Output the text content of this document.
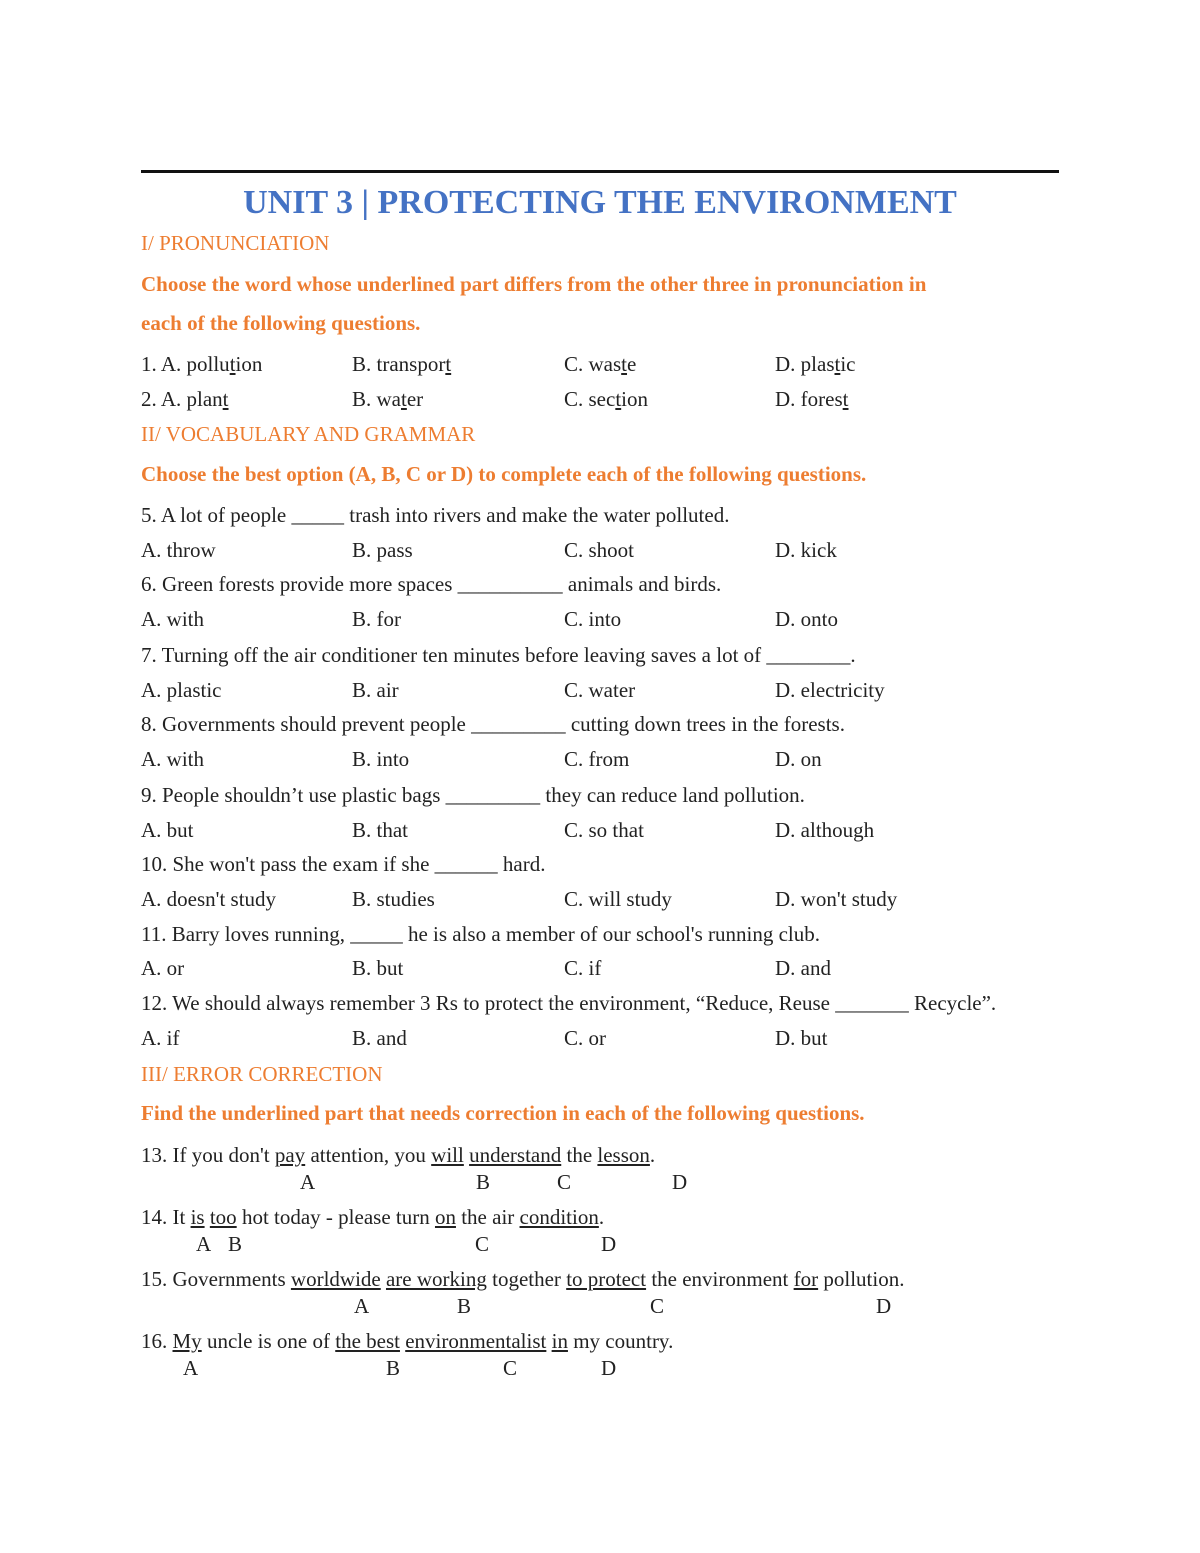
UNIT 3 | PROTECTING THE ENVIRONMENT
I/ PRONUNCIATION
Choose the word whose underlined part differs from the other three in pronunciation in
each of the following questions.
1. A. pollution	B. transport	C. waste	D. plastic
2. A. plant	B. water	C. section	D. forest
II/ VOCABULARY AND GRAMMAR
Choose the best option (A, B, C or D) to complete each of the following questions.
5. A lot of people _____ trash into rivers and make the water polluted.
A. throw	B. pass	C. shoot	D. kick
6. Green forests provide more spaces __________ animals and birds.
A. with	B. for	C. into	D. onto
7. Turning off the air conditioner ten minutes before leaving saves a lot of ________.
A. plastic	B. air	C. water	D. electricity
8. Governments should prevent people _________ cutting down trees in the forests.
A. with	B. into	C. from	D. on
9. People shouldn’t use plastic bags _________ they can reduce land pollution.
A. but	B. that	C. so that	D. although
10. She won't pass the exam if she ______ hard.
A. doesn't study	B. studies	C. will study	D. won't study
11. Barry loves running, _____ he is also a member of our school's running club.
A. or	B. but	C. if	D. and
12. We should always remember 3 Rs to protect the environment, “Reduce, Reuse _______ Recycle”.
A. if	B. and	C. or	D. but
III/ ERROR CORRECTION
Find the underlined part that needs correction in each of the following questions.
13. If you don't pay attention, you will understand the lesson.
A	B	C	D
14. It is too hot today - please turn on the air condition.
A B	C	D
15. Governments worldwide are working together to protect the environment for pollution.
A	B	C	D
16. My uncle is one of the best environmentalist in my country.
A	B	C	D
